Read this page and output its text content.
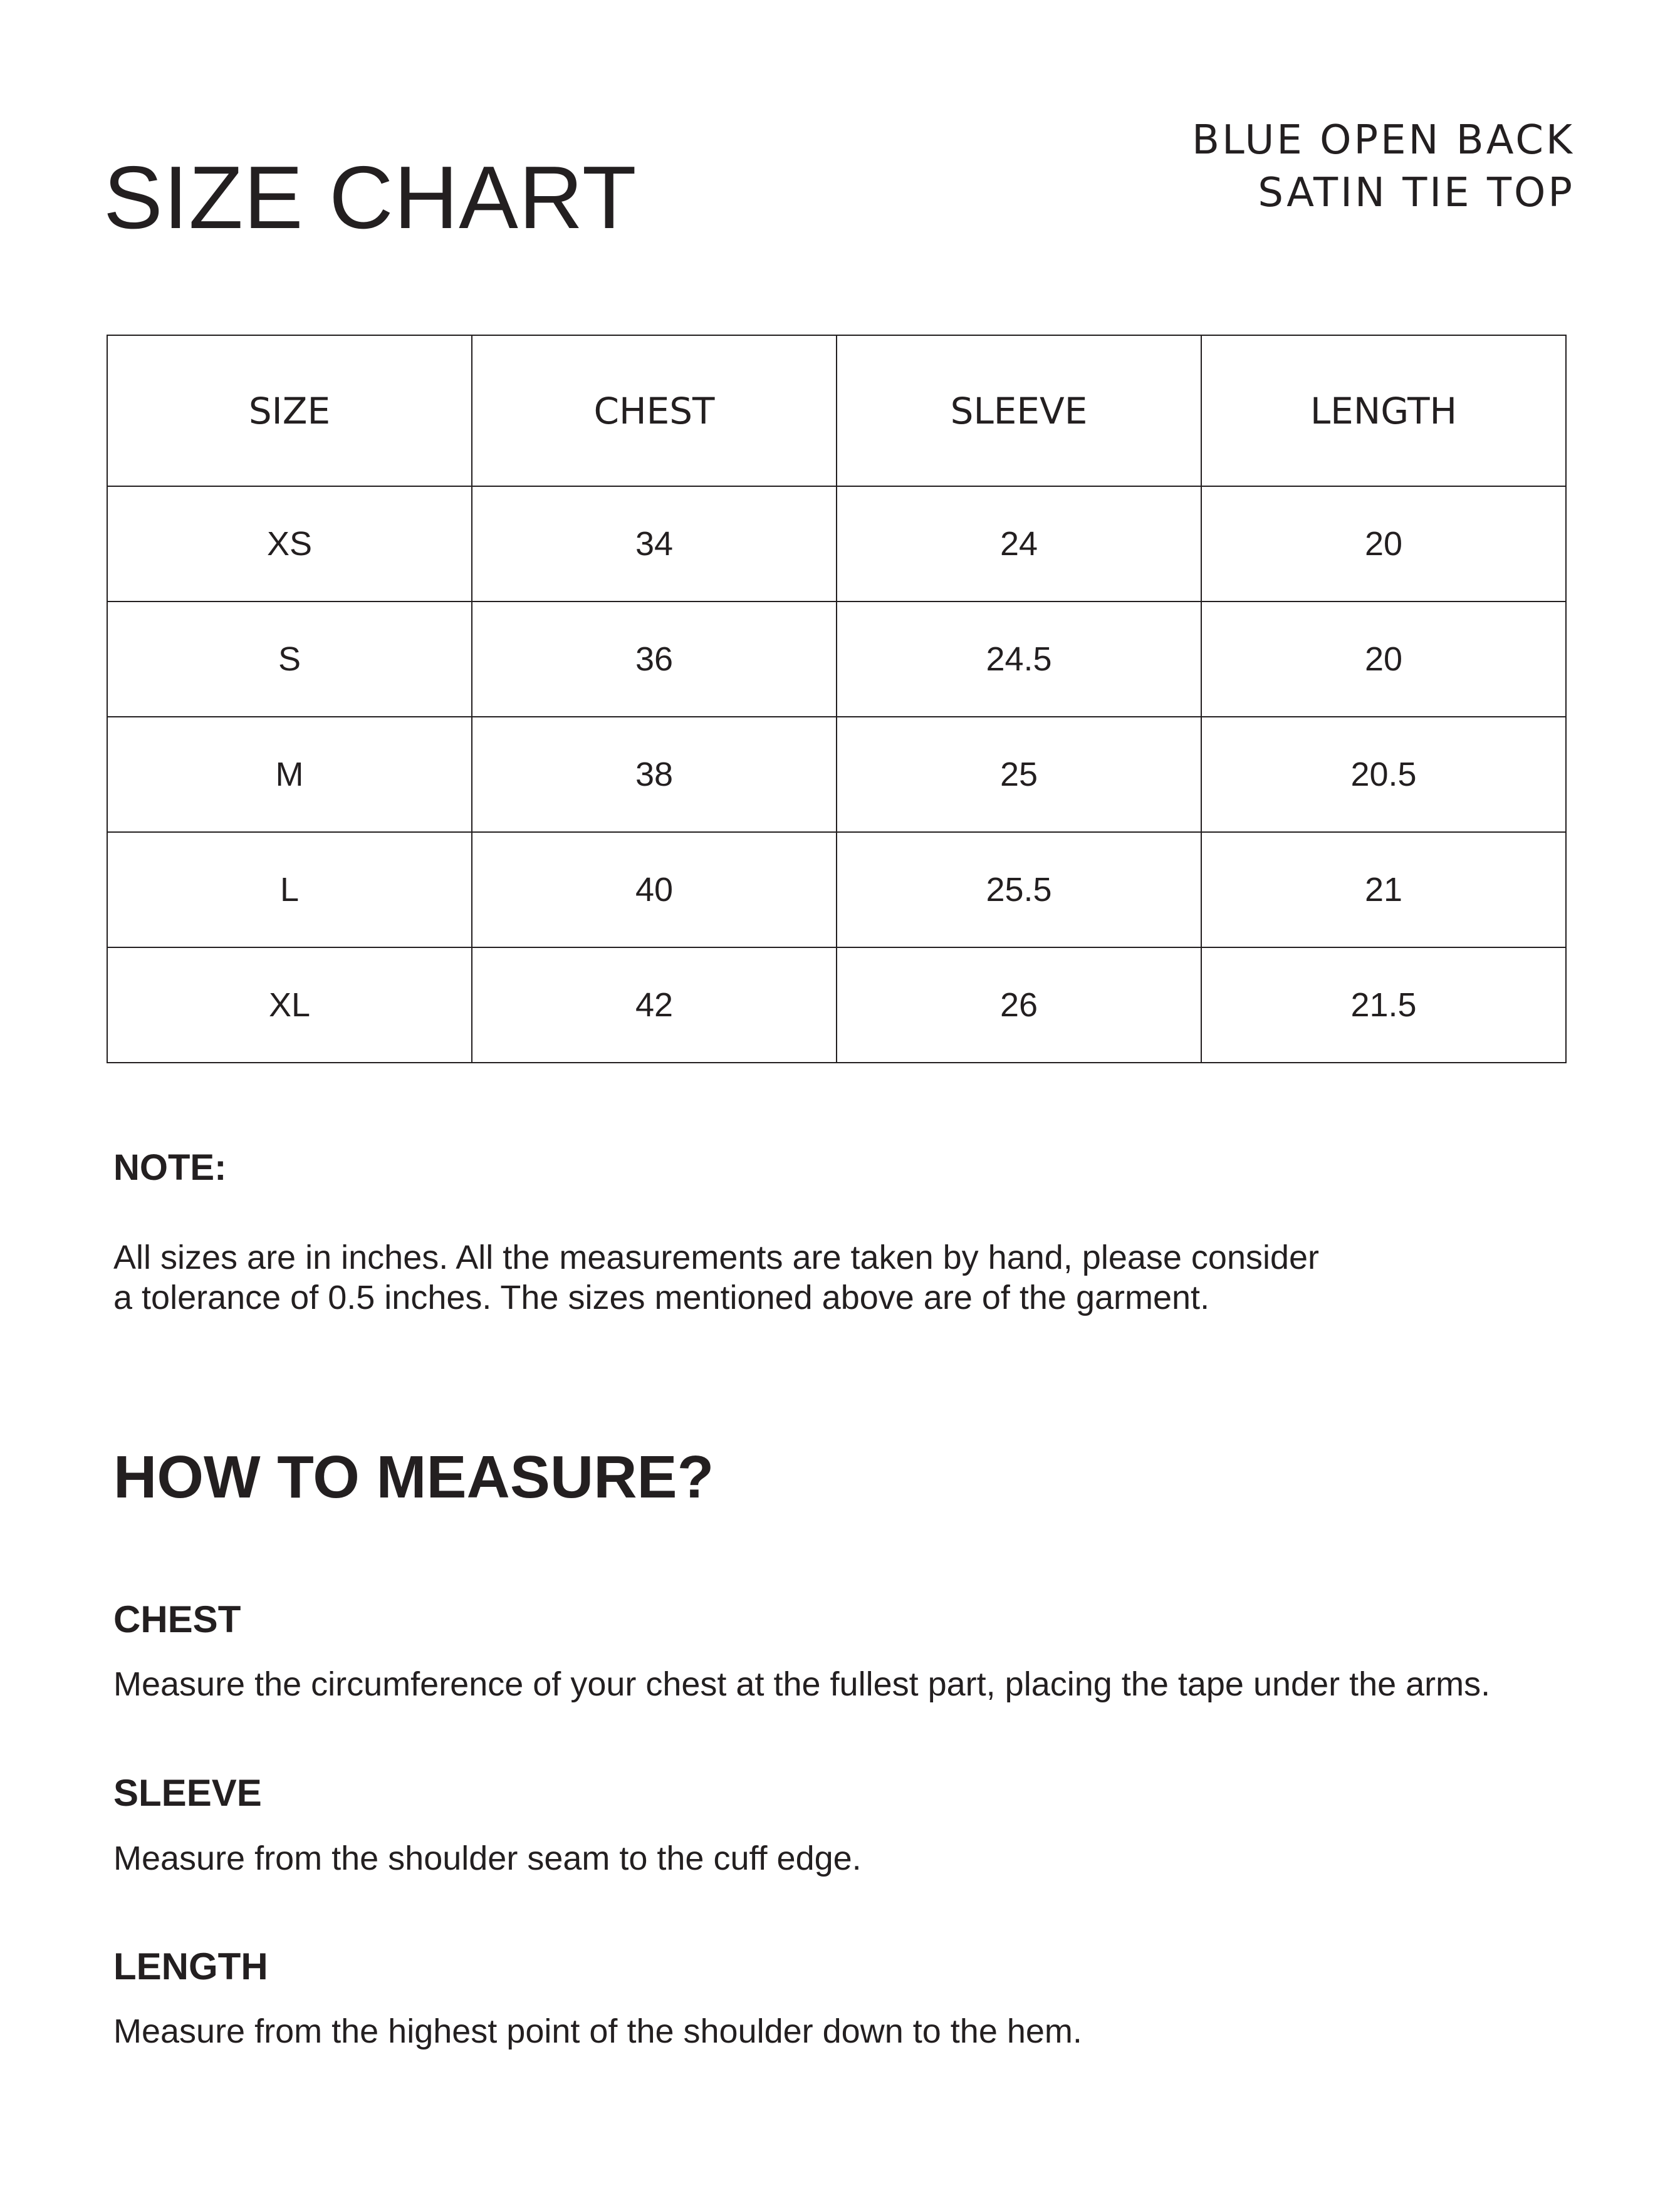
SIZE CHART
BLUE OPEN BACK
SATIN TIE TOP
SIZE	CHEST	SLEEVE	LENGTH
XS	34	24	20
S	36	24.5	20
M	38	25	20.5
L	40	25.5	21
XL	42	26	21.5
NOTE:
All sizes are in inches. All the measurements are taken by hand, please consider
a tolerance of 0.5 inches. The sizes mentioned above are of the garment.
HOW TO MEASURE?
CHEST
Measure the circumference of your chest at the fullest part, placing the tape under the arms.
SLEEVE
Measure from the shoulder seam to the cuff edge.
LENGTH
Measure from the highest point of the shoulder down to the hem.
